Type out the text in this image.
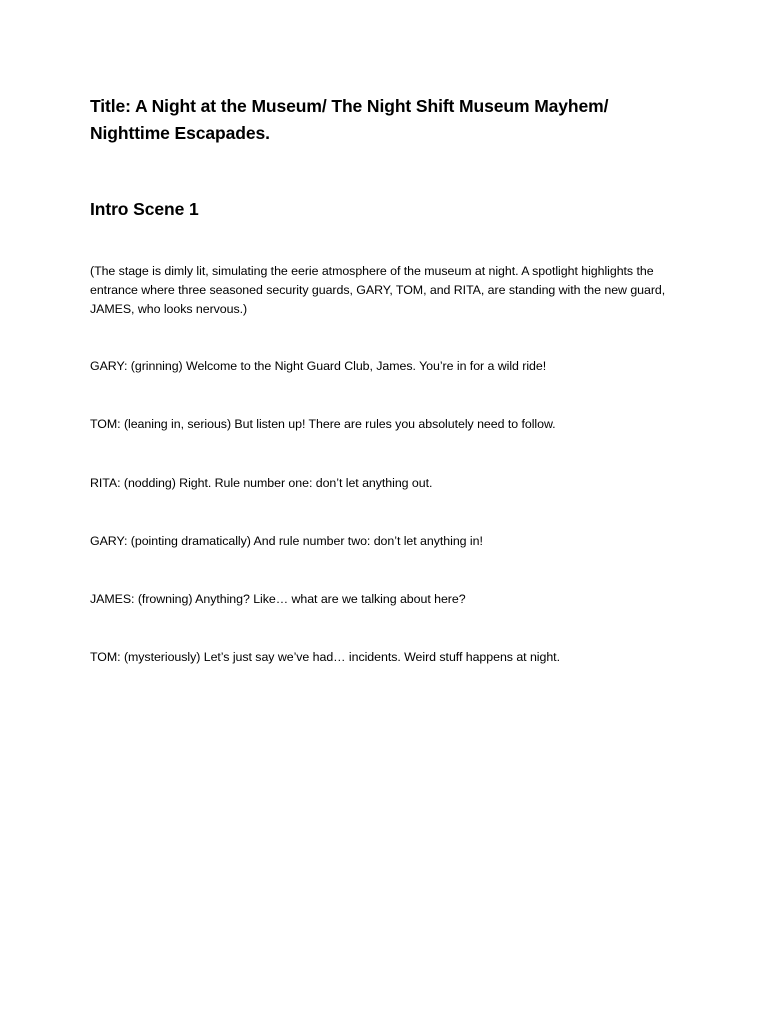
Title: A Night at the Museum/ The Night Shift Museum Mayhem/ Nighttime Escapades.
Intro Scene 1

(The stage is dimly lit, simulating the eerie atmosphere of the museum at night. A spotlight highlights the entrance where three seasoned security guards, GARY, TOM, and RITA, are standing with the new guard, JAMES, who looks nervous.)

GARY: (grinning) Welcome to the Night Guard Club, James. You’re in for a wild ride!

TOM: (leaning in, serious) But listen up! There are rules you absolutely need to follow.

RITA: (nodding) Right. Rule number one: don’t let anything out.

GARY: (pointing dramatically) And rule number two: don’t let anything in!

JAMES: (frowning) Anything? Like… what are we talking about here?

TOM: (mysteriously) Let’s just say we’ve had… incidents. Weird stuff happens at night.
